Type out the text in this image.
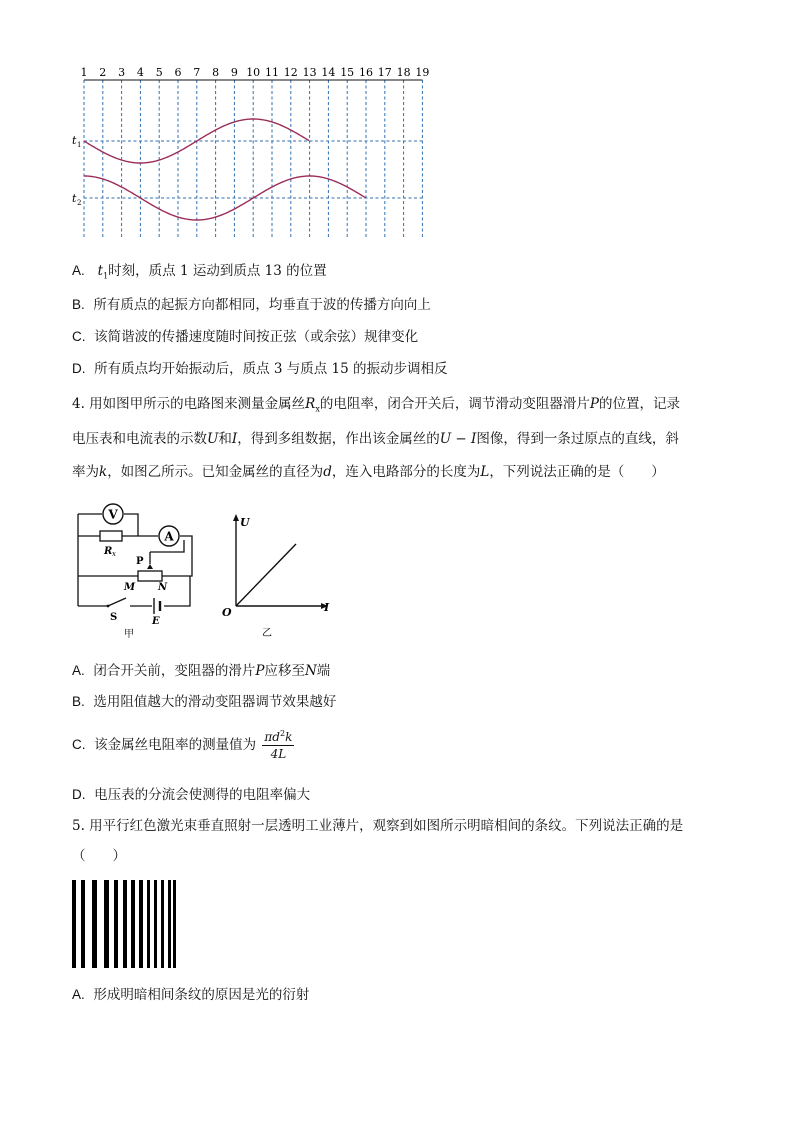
1 2 3 4 5 6 7 8 9 10 11 12 13 14 15 16 17 18 19
t 1
t 2
A. $t_1$时刻，质点 1 运动到质点 13 的位置
B. 所有质点的起振方向都相同，均垂直于波的传播方向向上
C. 该简谐波的传播速度随时间按正弦（或余弦）规律变化
D. 所有质点均开始振动后，质点 3 与质点 15 的振动步调相反
4. 用如图甲所示的电路图来测量金属丝$R_x$的电阻率，闭合开关后，调节滑动变阻器滑片P的位置，记录
电压表和电流表的示数U和I，得到多组数据，作出该金属丝的U − I图像，得到一条过原点的直线，斜
率为k，如图乙所示。已知金属丝的直径为d，连入电路部分的长度为L，下列说法正确的是（　　）
V
R x
A
P
M N
S	E
甲
U
I
O
乙
A. 闭合开关前，变阻器的滑片P应移至N端
B. 选用阻值越大的滑动变阻器调节效果越好
C. 该金属丝电阻率的测量值为 $\frac{\pi d^2k}{4L}$
D. 电压表的分流会使测得的电阻率偏大
5. 用平行红色激光束垂直照射一层透明工业薄片，观察到如图所示明暗相间的条纹。下列说法正确的是
（　　）
A. 形成明暗相间条纹的原因是光的衍射
